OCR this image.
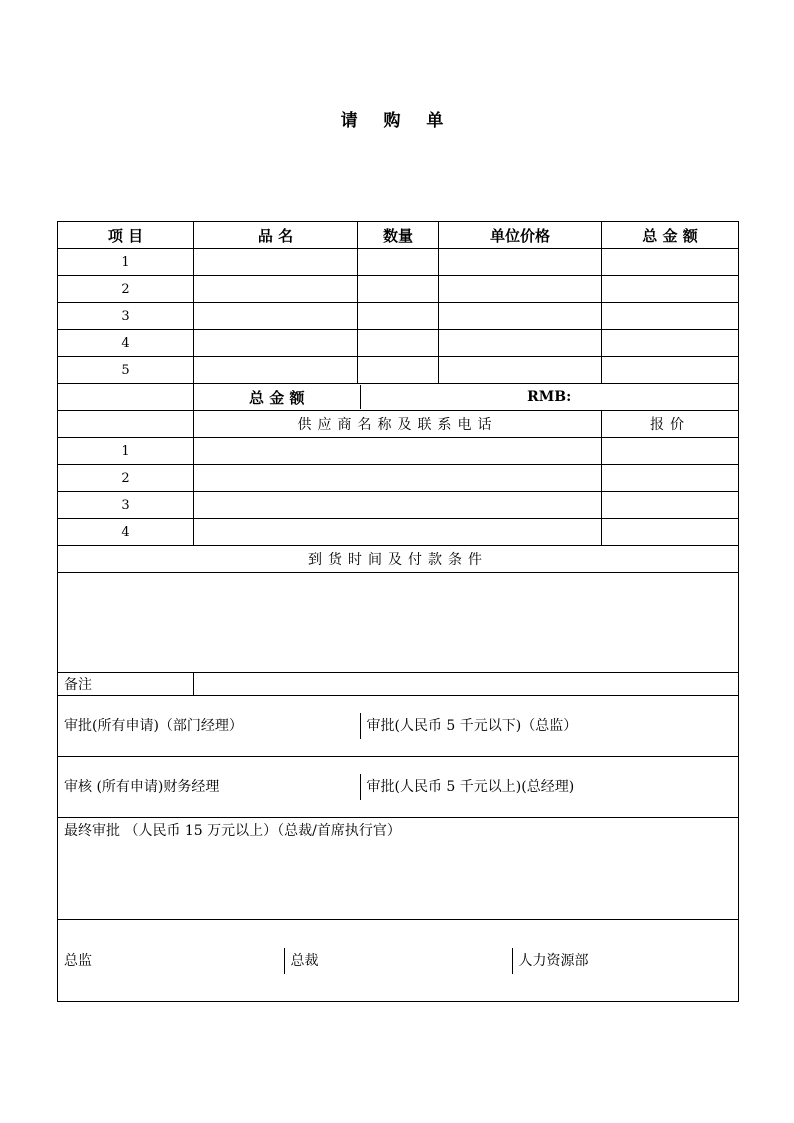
请 购 单
项 目	品 名	数量	单位价格	总 金 额
1				
2				
3				
4				
5				

总 金 额	RMB:

	供应商名称及联系电话	报价
1		
2		
3		
4		
到货时间及付款条件

备注	

审批(所有申请)（部门经理）	审批(人民币 5 千元以下)（总监）

审核 (所有申请)财务经理	审批(人民币 5 千元以上)(总经理)

最终审批 （人民币 15 万元以上）（总裁/首席执行官）

总监	总裁	人力资源部
